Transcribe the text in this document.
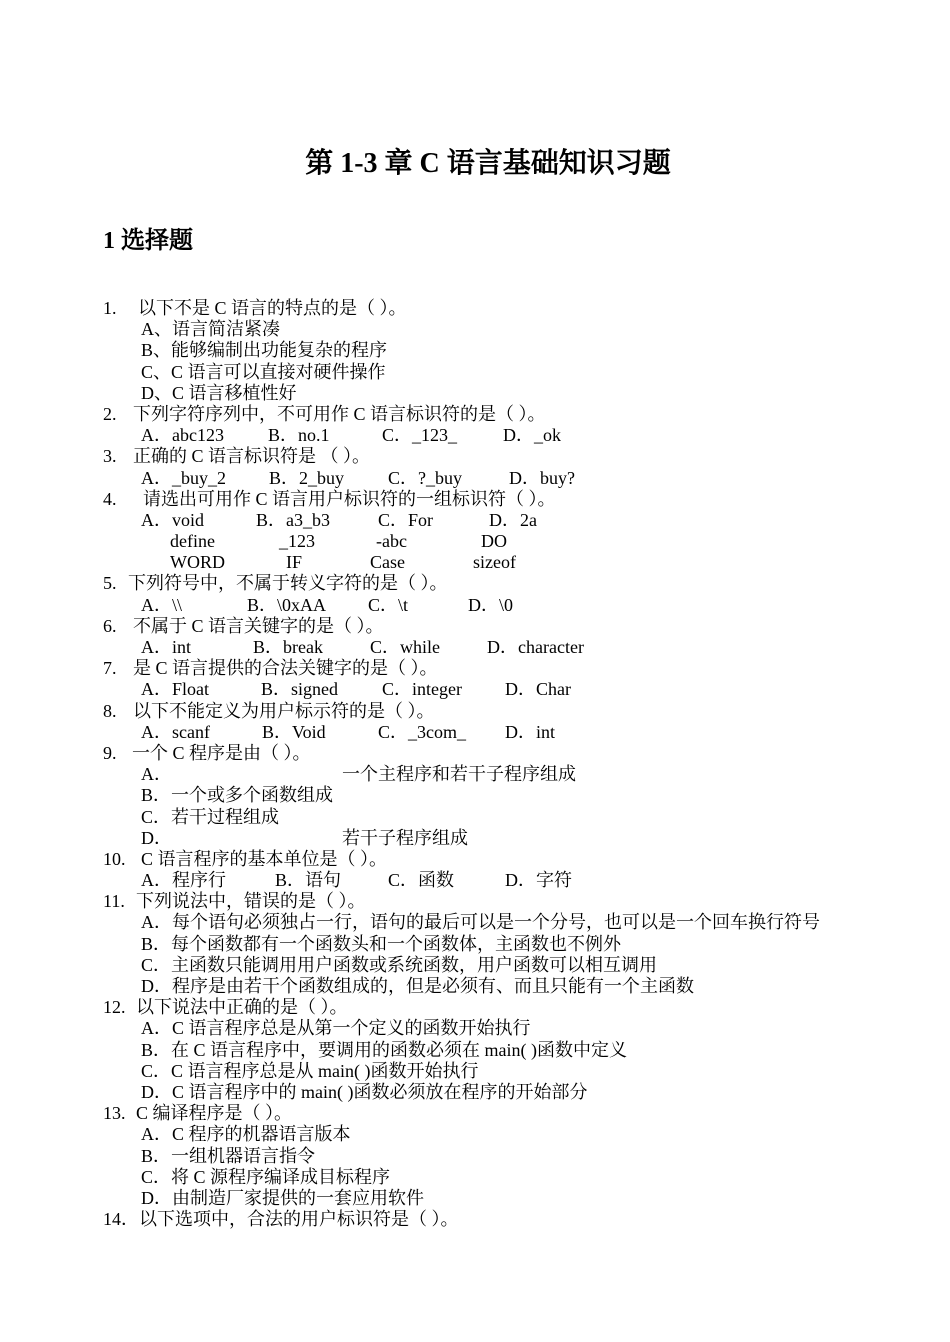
第 1-3 章 C 语言基础知识习题
1 选择题
1. 以下不是 C 语言的特点的是（ ）。
A、语言简洁紧凑
B、能够编制出功能复杂的程序
C、C 语言可以直接对硬件操作
D、C 语言移植性好
2. 下列字符序列中，不可用作 C 语言标识符的是（ ）。
A．abc123 B．no.1	C．_123_	D．_ok
3. 正确的 C 语言标识符是 （ ）。
A．_buy_2 B．2_buy C．?_buy	D．buy?
4. 请选出可用作 C 语言用户标识符的一组标识符（ ）。
A．void	B．a3_b3	C．For	D．2a
define	_123	-abc	DO
WORD	IF	Case	sizeof
5. 下列符号中，不属于转义字符的是（ ）。
A．\\	B．\0xAA C．\t	D．\0
6. 不属于 C 语言关键字的是（ ）。
A．int	B．break	C．while	D．character
7. 是 C 语言提供的合法关键字的是（ ）。
A．Float	B．signed C．integer D．Char
8. 以下不能定义为用户标示符的是（ ）。
A．scanf	B．Void	C．_3com_ D．int
9. 一个 C 程序是由（ ）。
A．	一个主程序和若干子程序组成
B．一个或多个函数组成
C．若干过程组成
D．	若干子程序组成
10. C 语言程序的基本单位是（ ）。
A．程序行	B．语句	C．函数	D．字符
11. 下列说法中，错误的是（ ）。
A．每个语句必须独占一行，语句的最后可以是一个分号，也可以是一个回车换行符号
B．每个函数都有一个函数头和一个函数体，主函数也不例外
C．主函数只能调用用户函数或系统函数，用户函数可以相互调用
D．程序是由若干个函数组成的，但是必须有、而且只能有一个主函数
12. 以下说法中正确的是（ ）。
A．C 语言程序总是从第一个定义的函数开始执行
B．在 C 语言程序中，要调用的函数必须在 main( )函数中定义
C．C 语言程序总是从 main( )函数开始执行
D．C 语言程序中的 main( )函数必须放在程序的开始部分
13. C 编译程序是（ ）。
A．C 程序的机器语言版本
B．一组机器语言指令
C．将 C 源程序编译成目标程序
D．由制造厂家提供的一套应用软件
14．以下选项中，合法的用户标识符是（ ）。
